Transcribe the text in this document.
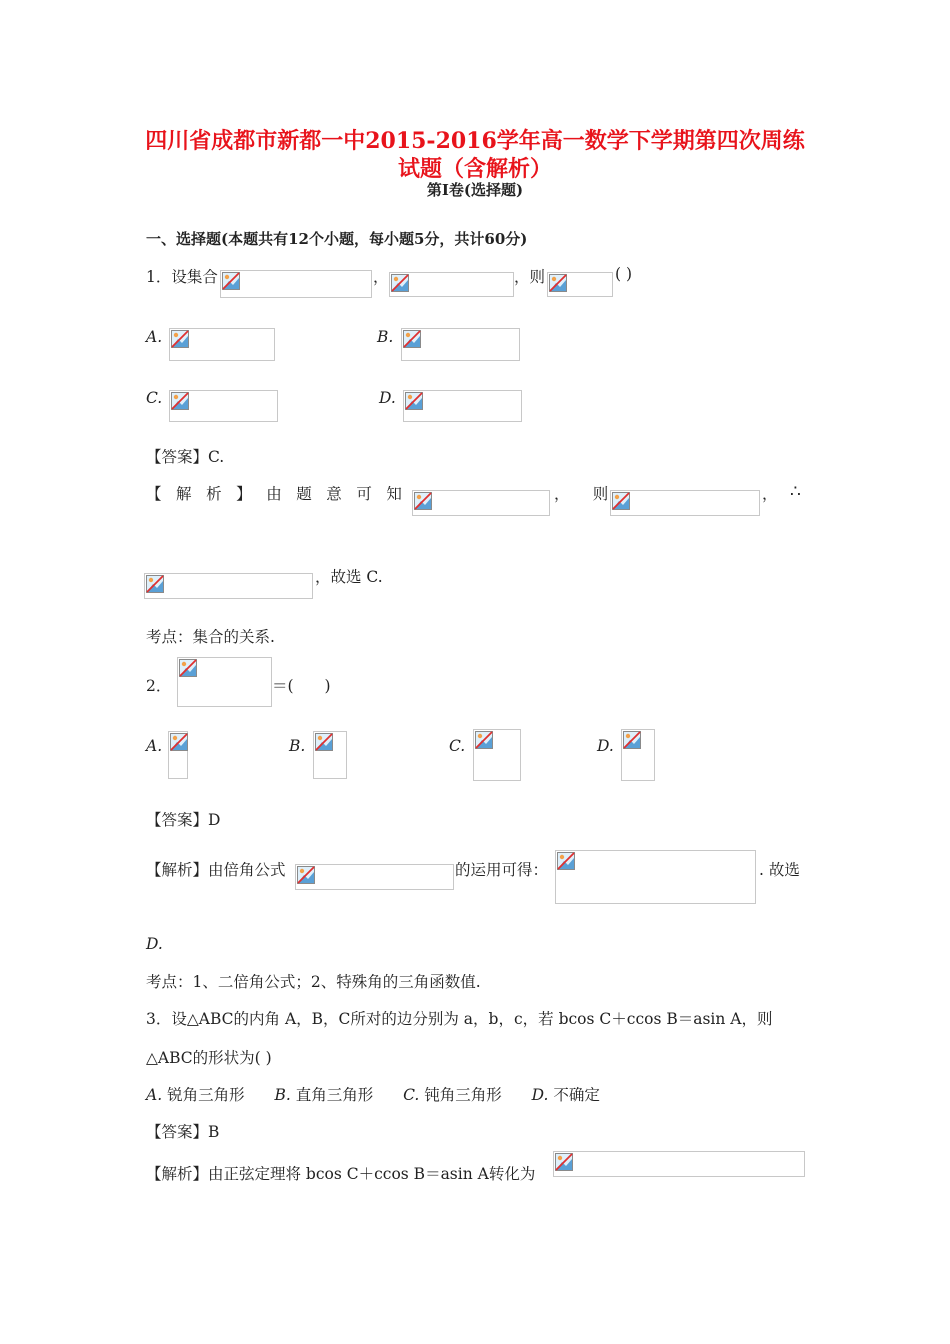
四川省成都市新都一中2015-2016学年高一数学下学期第四次周练
试题（含解析）
第Ⅰ卷(选择题)
一、选择题(本题共有12个小题，每小题5分，共计60分)
1．设集合	，	，则	( )
A.	B.
C.	D.
【答案】C.
【 解 析 】 由 题 意 可 知	，　　则	， ∴
，故选 C.
考点：集合的关系.
2．	＝(　　)
A.	B.	C.	D.
【答案】D
【解析】由倍角公式	的运用可得：	. 故选
D.
考点：1、二倍角公式；2、特殊角的三角函数值.
3．设△ABC的内角 A，B，C所对的边分别为 a，b，c，若 bcos C＋ccos B＝asin A，则
△ABC的形状为( )
A. 锐角三角形 B. 直角三角形 C. 钝角三角形 D. 不确定
【答案】B
【解析】由正弦定理将 bcos C＋ccos B＝asin A转化为
